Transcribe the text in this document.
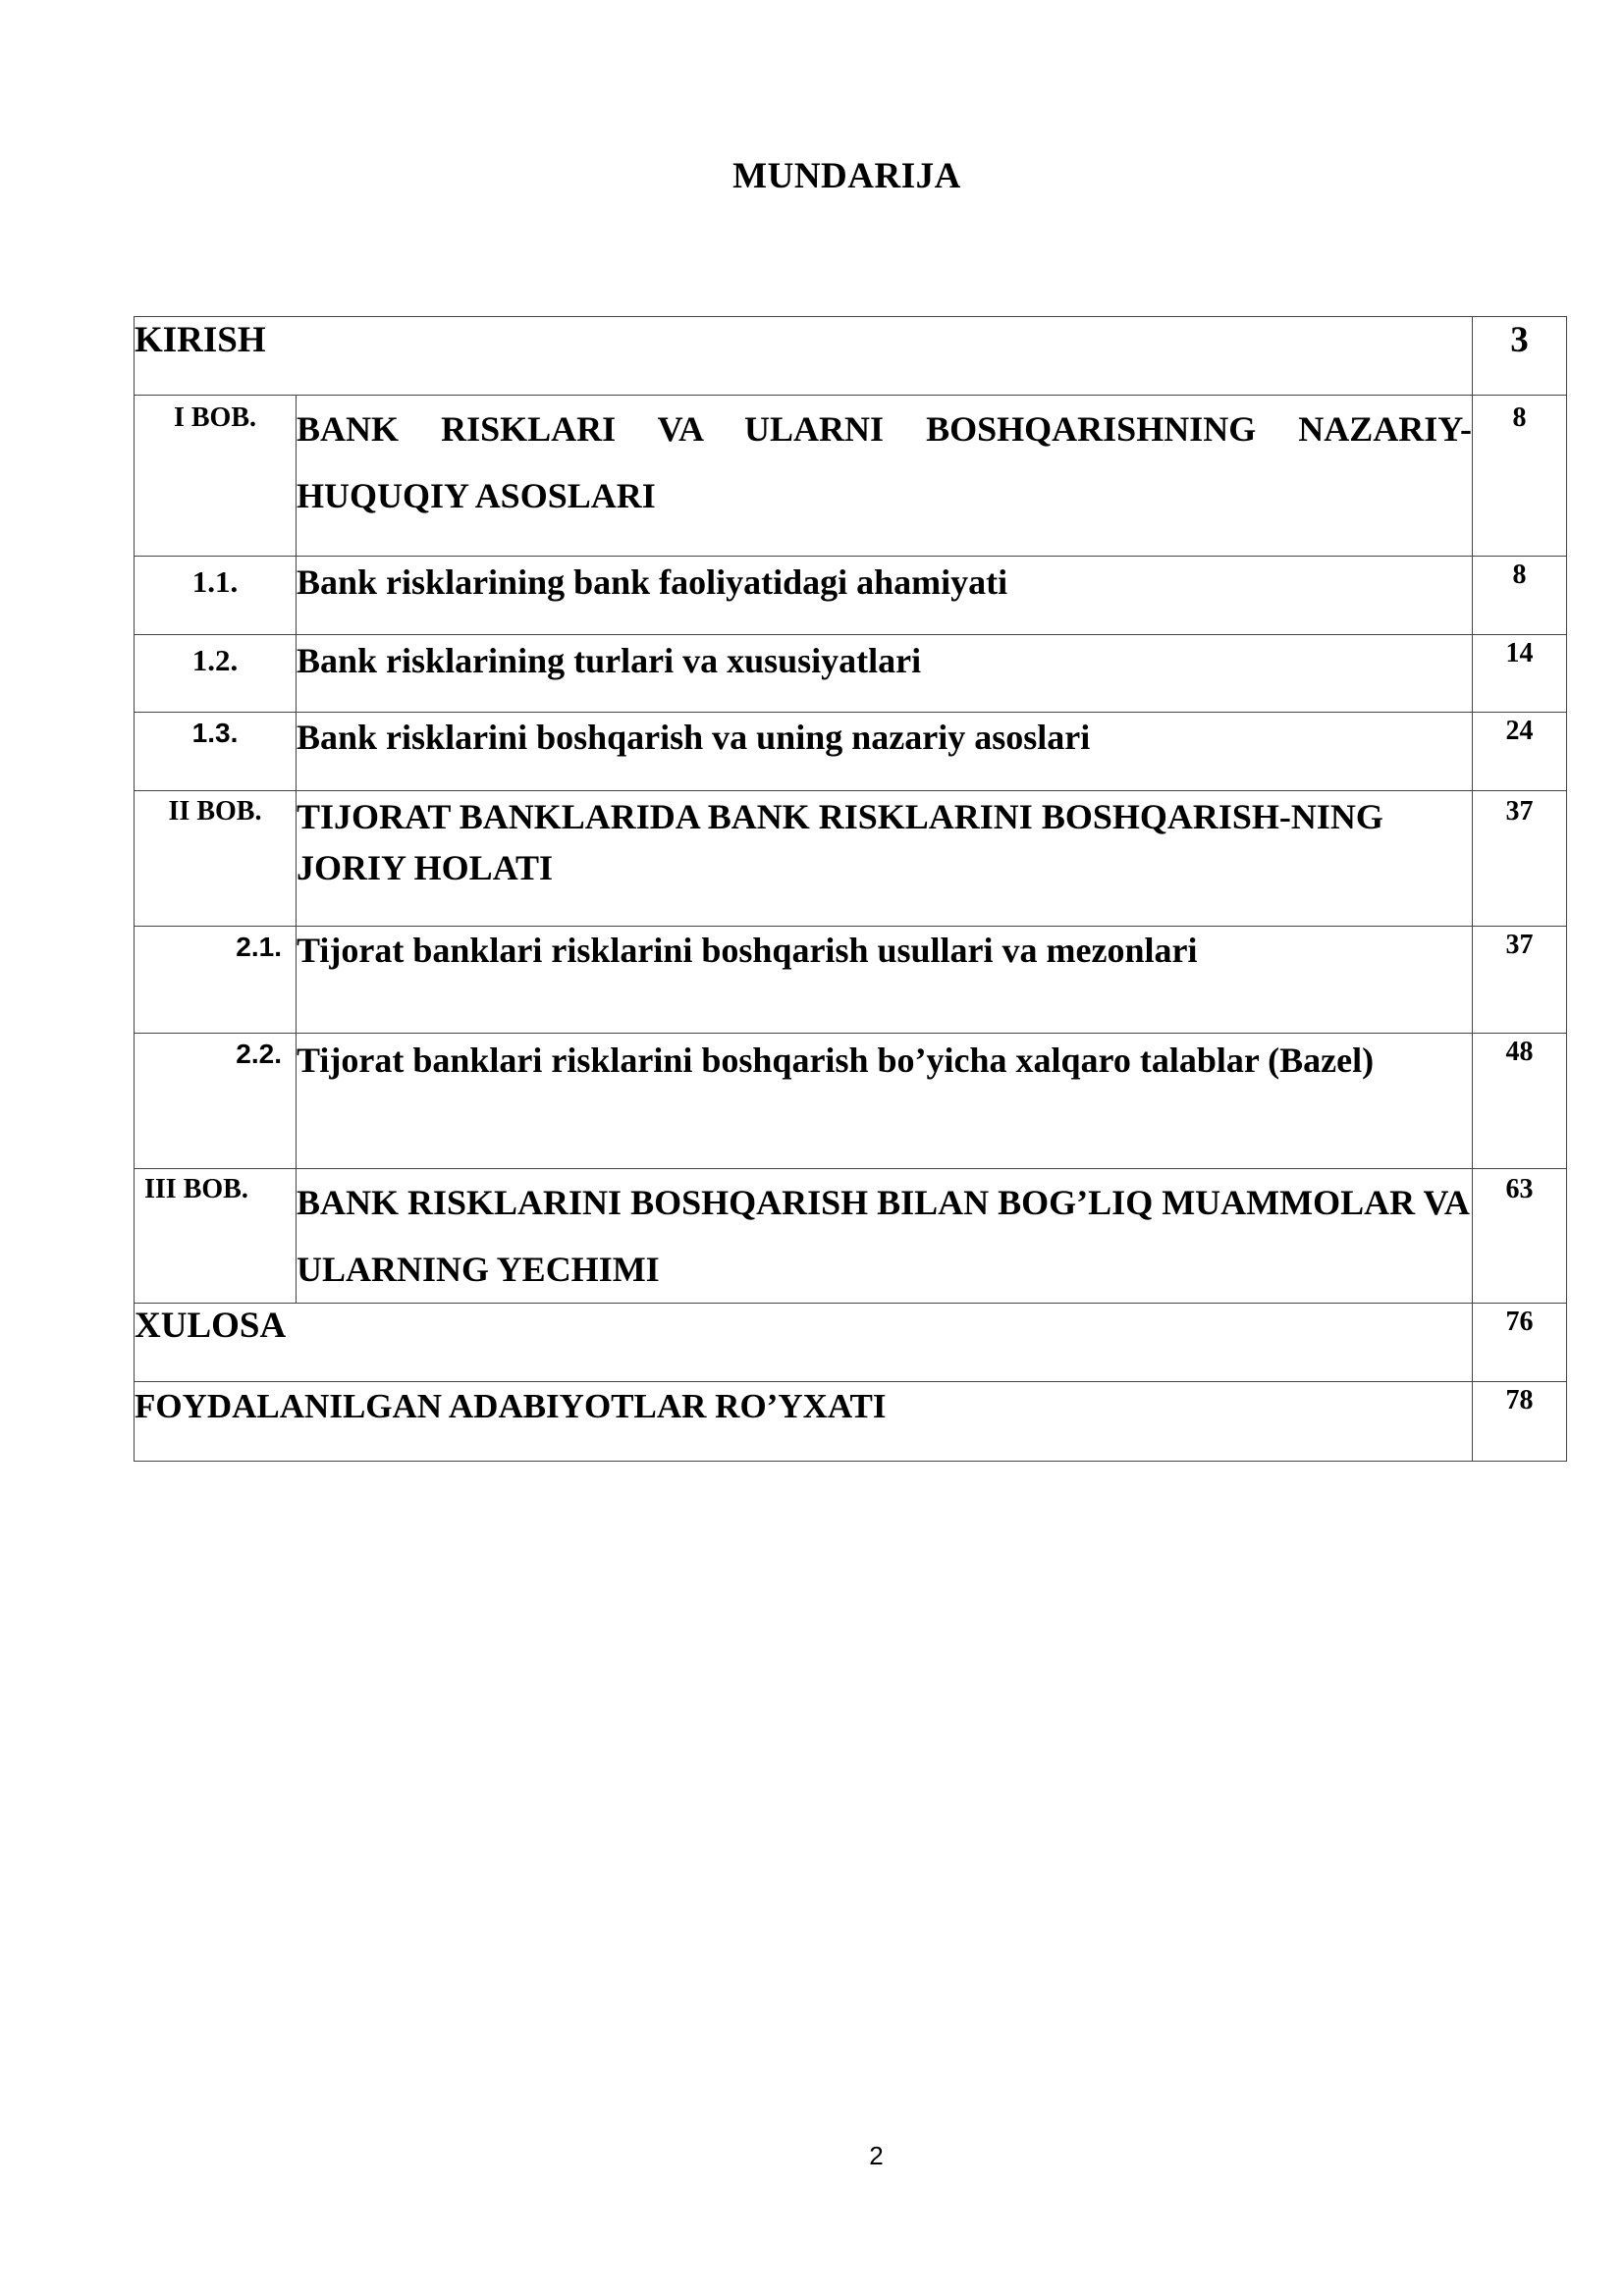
MUNDARIJA
KIRISH		3

I BOB.	BANK RISKLARI VA ULARNI BOSHQARISHNING NAZARIY-HUQUQIY ASOSLARI	8

1.1.	Bank risklarining bank faoliyatidagi ahamiyati	8

1.2.	Bank risklarining turlari va xususiyatlari	14

1.3.	Bank risklarini boshqarish va uning nazariy asoslari	24

II BOB.	TIJORAT BANKLARIDA BANK RISKLARINI BOSHQARISH-NING JORIY HOLATI	37

2.1.	Tijorat banklari risklarini boshqarish usullari va mezonlari	37

2.2.	Tijorat banklari risklarini boshqarish bo’yicha xalqaro talablar (Bazel)	48

III BOB.	BANK RISKLARINI BOSHQARISH BILAN BOG’LIQ MUAMMOLAR VA ULARNING YECHIMI	63

XULOSA		76

FOYDALANILGAN ADABIYOTLAR RO’YXATI		78
2
